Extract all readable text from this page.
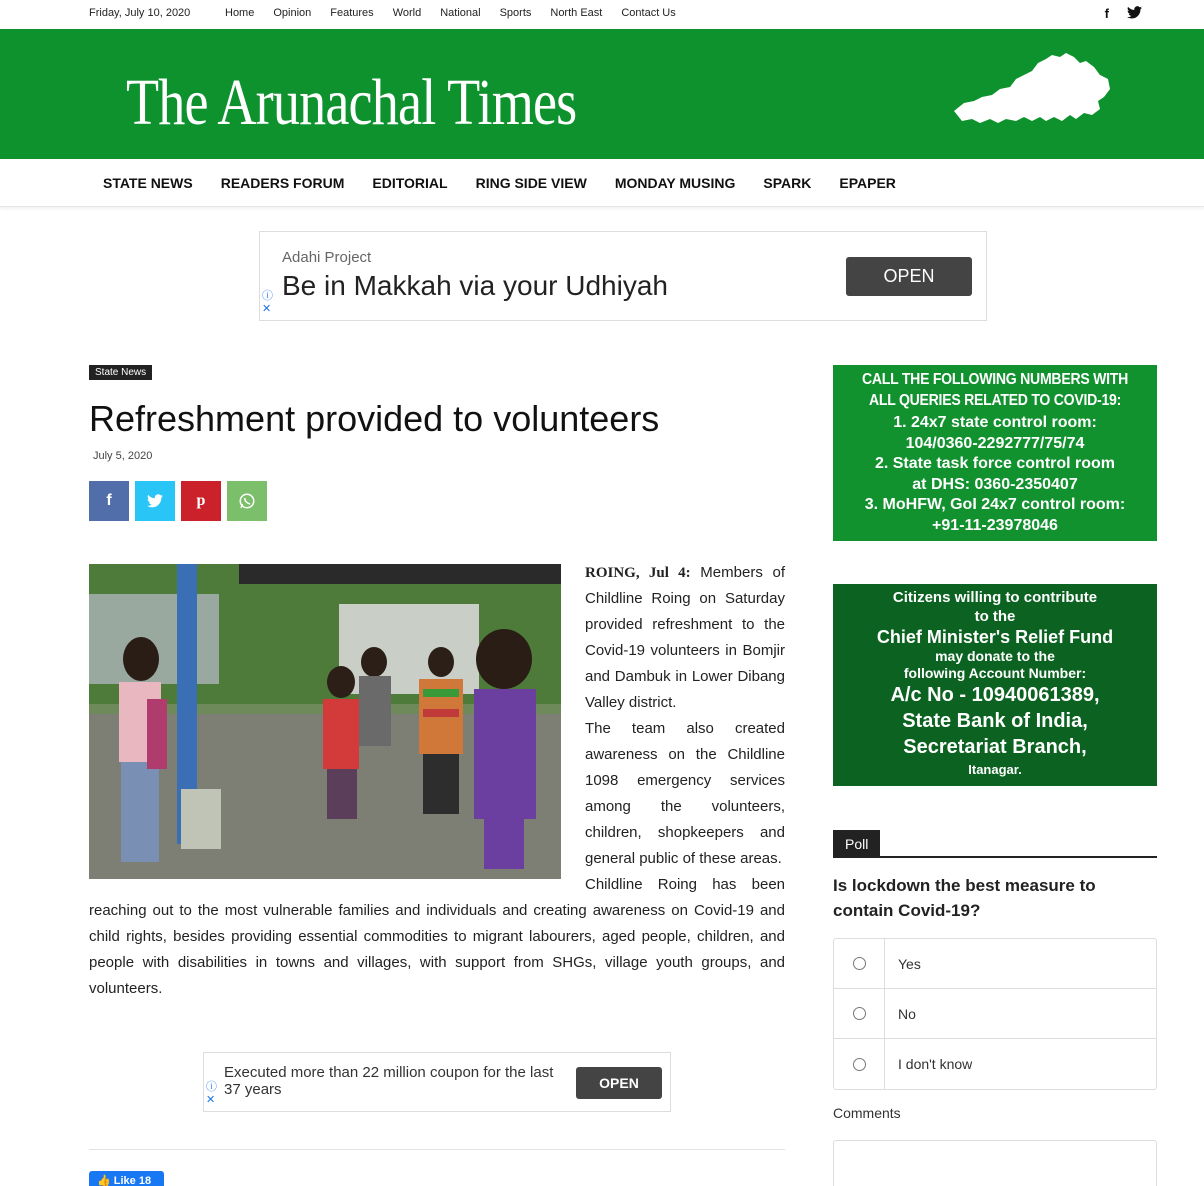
Friday, July 10, 2020	Home Opinion Features World National Sports North East Contact Us	f
The Arunachal Times
STATE NEWS	READERS FORUM	EDITORIAL	RING SIDE VIEW	MONDAY MUSING	SPARK	EPAPER
Adahi Project
Be in Makkah via your Udhiyah	OPEN
ⓘ
✕
State News
Refreshment provided to volunteers
July 5, 2020
f	p

ROING, Jul 4: Members of Childline Roing on Saturday provided refreshment to the Covid-19 volunteers in Bomjir and Dambuk in Lower Dibang Valley district.

The team also created awareness on the Childline 1098 emergency services among the volunteers, children, shopkeepers and general public of these areas.

Childline Roing has been reaching out to the most vulnerable families and individuals and creating awareness on Covid-19 and child rights, besides providing essential commodities to migrant labourers, aged people, children, and people with disabilities in towns and villages, with support from SHGs, village youth groups, and volunteers.

Executed more than 22 million coupon for the last 37 years	OPEN
ⓘ
✕
👍 Like 18
CALL THE FOLLOWING NUMBERS WITH
ALL QUERIES RELATED TO COVID-19:
1. 24x7 state control room:
104/0360-2292777/75/74
2. State task force control room
at DHS: 0360-2350407
3. MoHFW, GoI 24x7 control room:
+91-11-23978046
Citizens willing to contribute
to the
Chief Minister's Relief Fund
may donate to the
following Account Number:
A/c No - 10940061389,
State Bank of India,
Secretariat Branch,
Itanagar.
Poll
Is lockdown the best measure to contain Covid-19?
Yes
No
I don't know
Comments
